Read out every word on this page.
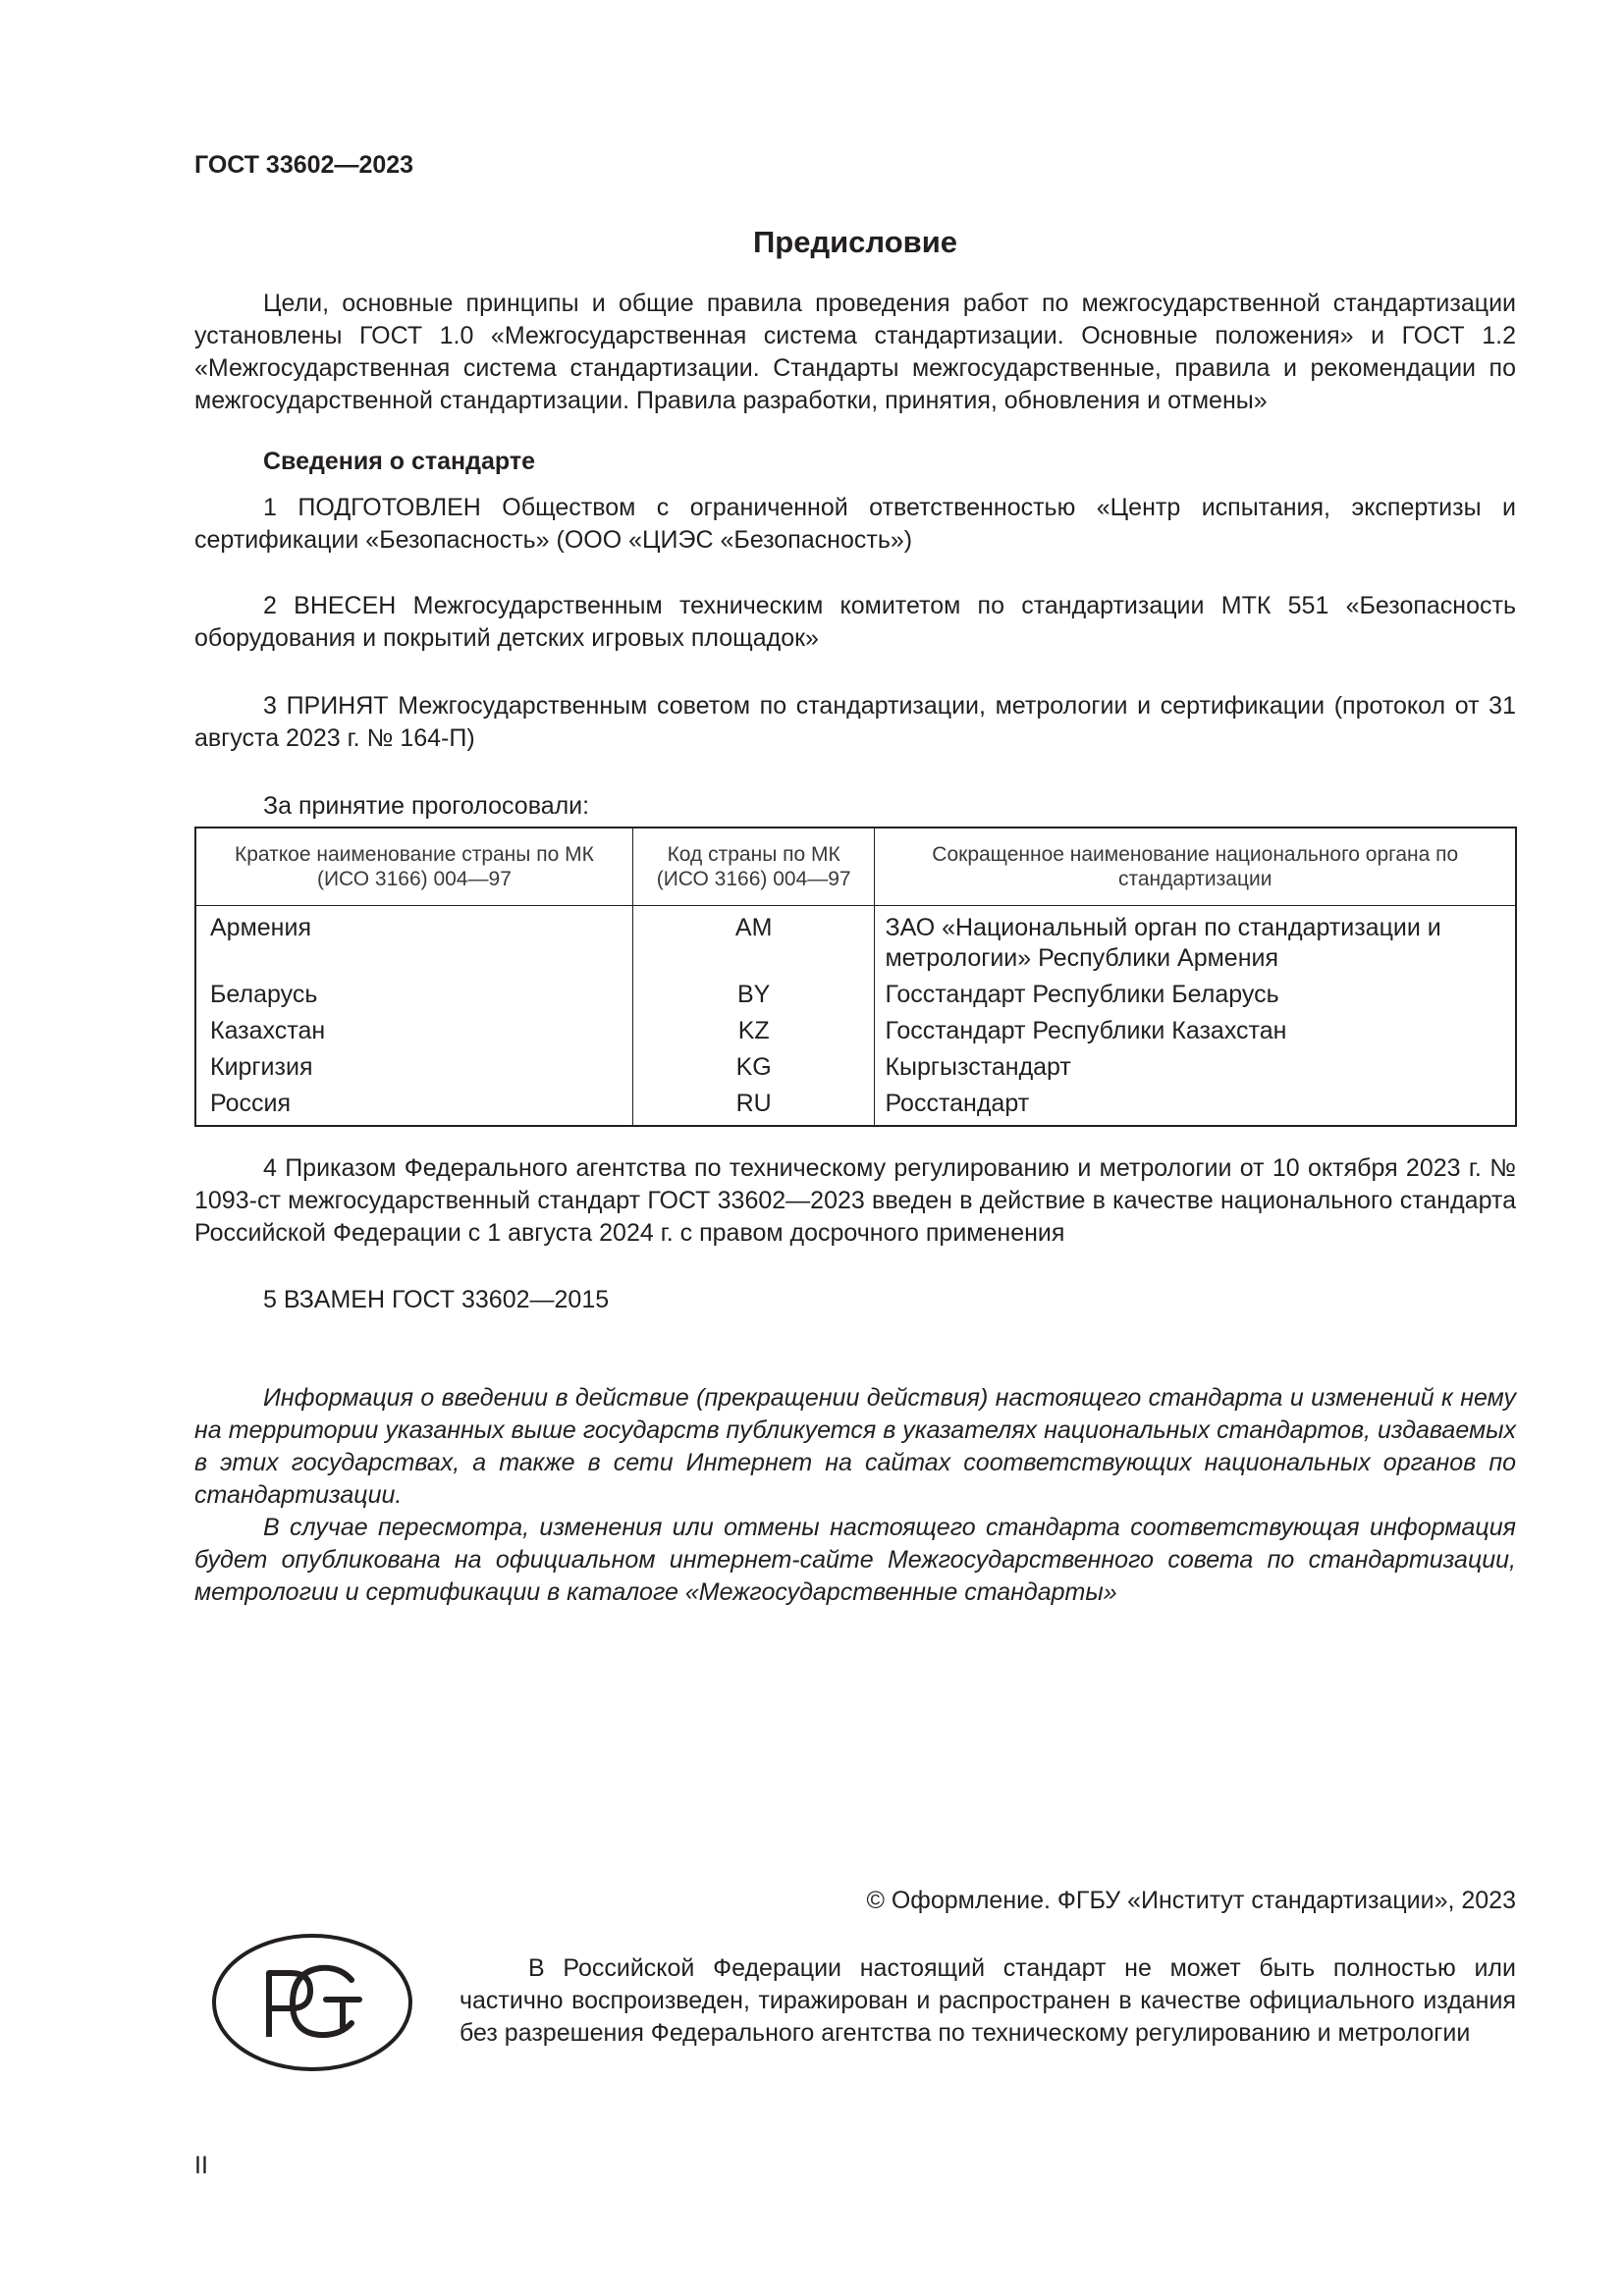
ГОСТ 33602—2023
Предисловие
Цели, основные принципы и общие правила проведения работ по межгосударственной стандартизации установлены ГОСТ 1.0 «Межгосударственная система стандартизации. Основные положения» и ГОСТ 1.2 «Межгосударственная система стандартизации. Стандарты межгосударственные, правила и рекомендации по межгосударственной стандартизации. Правила разработки, принятия, обновления и отмены»
Сведения о стандарте
1 ПОДГОТОВЛЕН Обществом с ограниченной ответственностью «Центр испытания, экспертизы и сертификации «Безопасность» (ООО «ЦИЭС «Безопасность»)
2 ВНЕСЕН Межгосударственным техническим комитетом по стандартизации МТК 551 «Безопасность оборудования и покрытий детских игровых площадок»
3 ПРИНЯТ Межгосударственным советом по стандартизации, метрологии и сертификации (протокол от 31 августа 2023 г. № 164-П)
За принятие проголосовали:
Краткое наименование страны по МК (ИСО 3166) 004—97	Код страны по МК (ИСО 3166) 004—97	Сокращенное наименование национального органа по стандартизации
Армения	AM	ЗАО «Национальный орган по стандартизации и метрологии» Республики Армения
Беларусь	BY	Госстандарт Республики Беларусь
Казахстан	KZ	Госстандарт Республики Казахстан
Киргизия	KG	Кыргызстандарт
Россия	RU	Росстандарт
4 Приказом Федерального агентства по техническому регулированию и метрологии от 10 октября 2023 г. № 1093-ст межгосударственный стандарт ГОСТ 33602—2023 введен в действие в качестве национального стандарта Российской Федерации с 1 августа 2024 г. с правом досрочного применения
5 ВЗАМЕН ГОСТ 33602—2015

Информация о введении в действие (прекращении действия) настоящего стандарта и изменений к нему на территории указанных выше государств публикуется в указателях национальных стандартов, издаваемых в этих государствах, а также в сети Интернет на сайтах соответствующих национальных органов по стандартизации.

В случае пересмотра, изменения или отмены настоящего стандарта соответствующая информация будет опубликована на официальном интернет-сайте Межгосударственного совета по стандартизации, метрологии и сертификации в каталоге «Межгосударственные стандарты»

© Оформление. ФГБУ «Институт стандартизации», 2023

В Российской Федерации настоящий стандарт не может быть полностью или частично воспроизведен, тиражирован и распространен в качестве официального издания без разрешения Федерального агентства по техническому регулированию и метрологии

II
